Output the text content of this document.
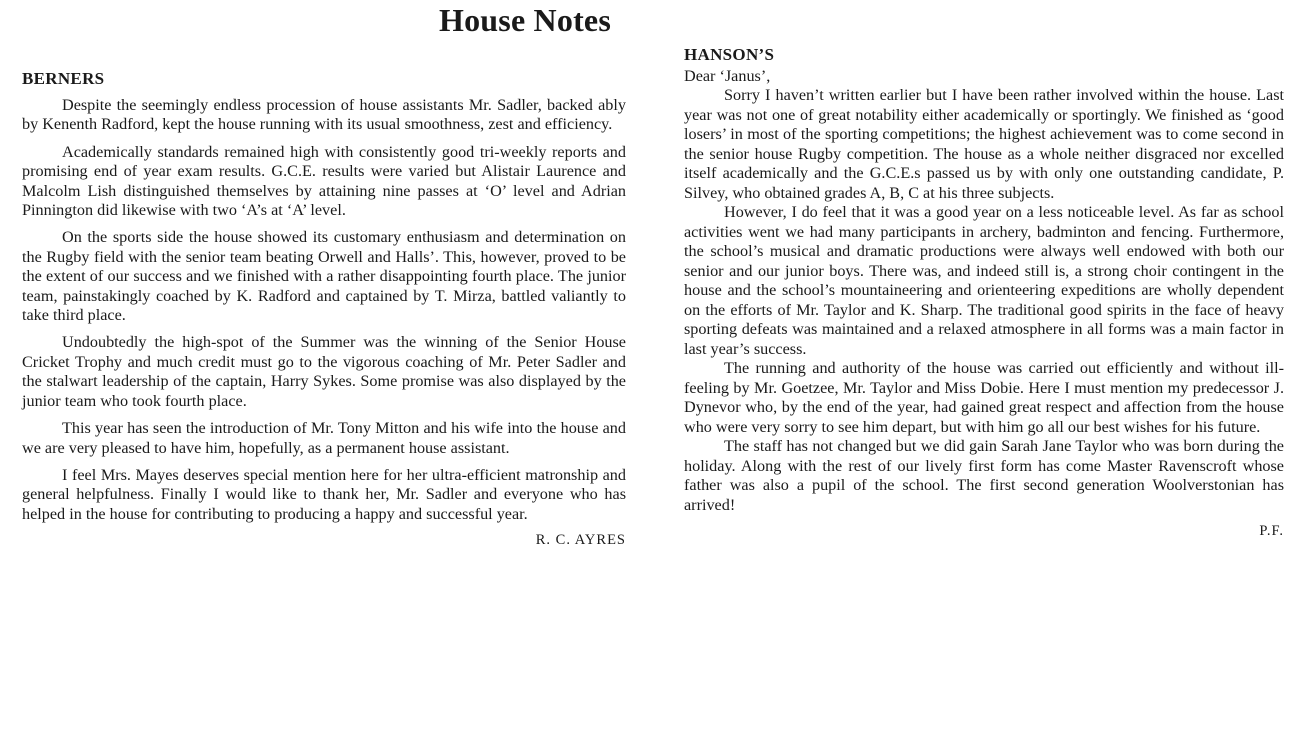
House Notes
BERNERS

Despite the seemingly endless procession of house assistants Mr. Sadler, backed ably by Kenenth Radford, kept the house running with its usual smoothness, zest and efficiency.

Academically standards remained high with consistently good tri-weekly reports and promising end of year exam results. G.C.E. results were varied but Alistair Laurence and Malcolm Lish distinguished themselves by attaining nine passes at ‘O’ level and Adrian Pinnington did likewise with two ‘A’s at ‘A’ level.

On the sports side the house showed its customary enthusiasm and determination on the Rugby field with the senior team beating Orwell and Halls’. This, however, proved to be the extent of our success and we finished with a rather disappointing fourth place. The junior team, painstakingly coached by K. Radford and captained by T. Mirza, battled valiantly to take third place.

Undoubtedly the high-spot of the Summer was the winning of the Senior House Cricket Trophy and much credit must go to the vigorous coaching of Mr. Peter Sadler and the stalwart leadership of the captain, Harry Sykes. Some promise was also displayed by the junior team who took fourth place.

This year has seen the introduction of Mr. Tony Mitton and his wife into the house and we are very pleased to have him, hopefully, as a permanent house assistant.

I feel Mrs. Mayes deserves special mention here for her ultra-efficient matronship and general helpfulness. Finally I would like to thank her, Mr. Sadler and everyone who has helped in the house for contributing to producing a happy and successful year.

R. C. AYRES

HANSON’S

Dear ‘Janus’,

Sorry I haven’t written earlier but I have been rather involved within the house. Last year was not one of great notability either academically or sportingly. We finished as ‘good losers’ in most of the sporting competitions; the highest achievement was to come second in the senior house Rugby competition. The house as a whole neither disgraced nor excelled itself academically and the G.C.E.s passed us by with only one outstanding candidate, P. Silvey, who obtained grades A, B, C at his three subjects.

However, I do feel that it was a good year on a less noticeable level. As far as school activities went we had many participants in archery, badminton and fencing. Furthermore, the school’s musical and dramatic productions were always well endowed with both our senior and our junior boys. There was, and indeed still is, a strong choir contingent in the house and the school’s mountaineering and orienteering expeditions are wholly dependent on the efforts of Mr. Taylor and K. Sharp. The traditional good spirits in the face of heavy sporting defeats was maintained and a relaxed atmosphere in all forms was a main factor in last year’s success.

The running and authority of the house was carried out efficiently and without ill-feeling by Mr. Goetzee, Mr. Taylor and Miss Dobie. Here I must mention my predecessor J. Dynevor who, by the end of the year, had gained great respect and affection from the house who were very sorry to see him depart, but with him go all our best wishes for his future.

The staff has not changed but we did gain Sarah Jane Taylor who was born during the holiday. Along with the rest of our lively first form has come Master Ravenscroft whose father was also a pupil of the school. The first second generation Woolverstonian has arrived!

P.F.
